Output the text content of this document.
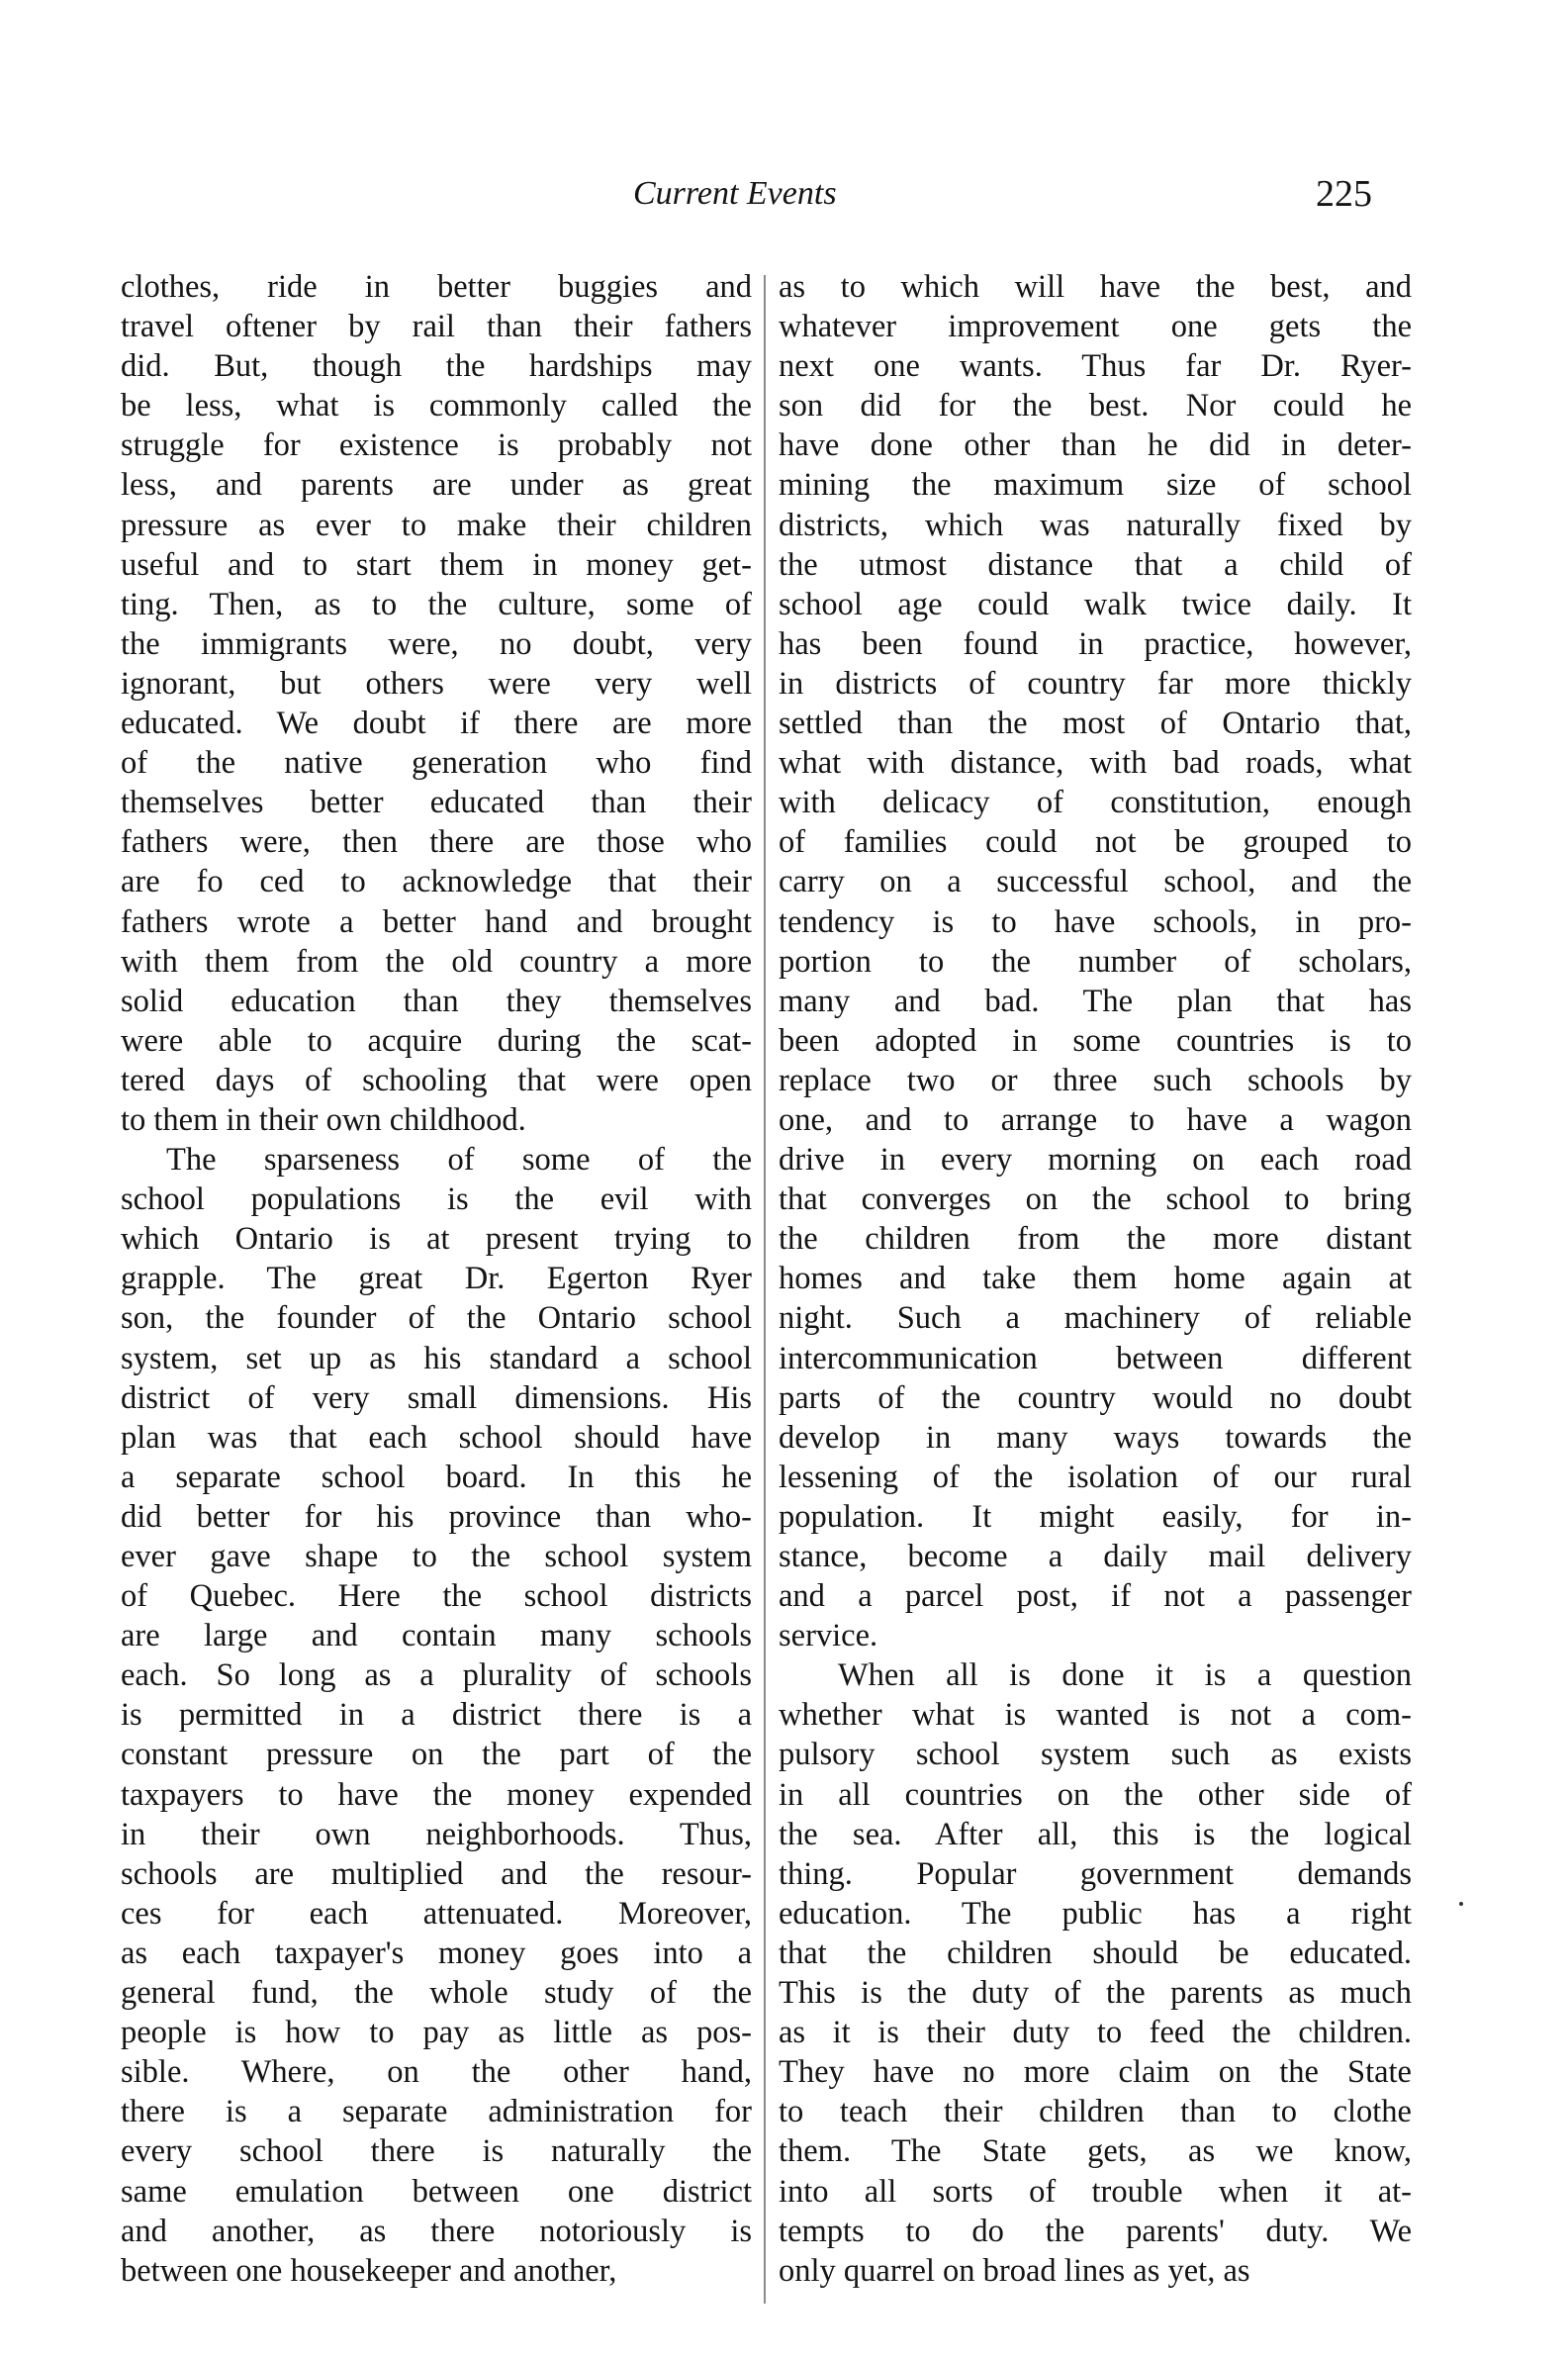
Current Events	225
clothes, ride in better buggies and
travel oftener by rail than their fathers
did. But, though the hardships may
be less, what is commonly called the
struggle for existence is probably not
less, and parents are under as great
pressure as ever to make their children
useful and to start them in money get-
ting. Then, as to the culture, some of
the immigrants were, no doubt, very
ignorant, but others were very well
educated. We doubt if there are more
of the native generation who find
themselves better educated than their
fathers were, then there are those who
are fo ced to acknowledge that their
fathers wrote a better hand and brought
with them from the old country a more
solid education than they themselves
were able to acquire during the scat-
tered days of schooling that were open
to them in their own childhood.
The sparseness of some of the
school populations is the evil with
which Ontario is at present trying to
grapple. The great Dr. Egerton Ryer
son, the founder of the Ontario school
system, set up as his standard a school
district of very small dimensions. His
plan was that each school should have
a separate school board. In this he
did better for his province than who-
ever gave shape to the school system
of Quebec. Here the school districts
are large and contain many schools
each. So long as a plurality of schools
is permitted in a district there is a
constant pressure on the part of the
taxpayers to have the money expended
in their own neighborhoods. Thus,
schools are multiplied and the resour-
ces for each attenuated. Moreover,
as each taxpayer's money goes into a
general fund, the whole study of the
people is how to pay as little as pos-
sible. Where, on the other hand,
there is a separate administration for
every school there is naturally the
same emulation between one district
and another, as there notoriously is
between one housekeeper and another,
as to which will have the best, and
whatever improvement one gets the
next one wants. Thus far Dr. Ryer-
son did for the best. Nor could he
have done other than he did in deter-
mining the maximum size of school
districts, which was naturally fixed by
the utmost distance that a child of
school age could walk twice daily. It
has been found in practice, however,
in districts of country far more thickly
settled than the most of Ontario that,
what with distance, with bad roads, what
with delicacy of constitution, enough
of families could not be grouped to
carry on a successful school, and the
tendency is to have schools, in pro-
portion to the number of scholars,
many and bad. The plan that has
been adopted in some countries is to
replace two or three such schools by
one, and to arrange to have a wagon
drive in every morning on each road
that converges on the school to bring
the children from the more distant
homes and take them home again at
night. Such a machinery of reliable
intercommunication between different
parts of the country would no doubt
develop in many ways towards the
lessening of the isolation of our rural
population. It might easily, for in-
stance, become a daily mail delivery
and a parcel post, if not a passenger
service.
When all is done it is a question
whether what is wanted is not a com-
pulsory school system such as exists
in all countries on the other side of
the sea. After all, this is the logical
thing. Popular government demands
education. The public has a right
that the children should be educated.
This is the duty of the parents as much
as it is their duty to feed the children.
They have no more claim on the State
to teach their children than to clothe
them. The State gets, as we know,
into all sorts of trouble when it at-
tempts to do the parents' duty. We
only quarrel on broad lines as yet, as
